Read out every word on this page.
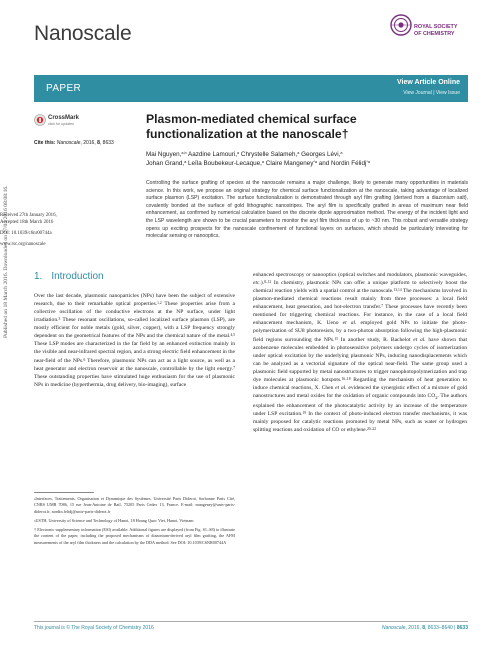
Published on 18 March 2016. Downloaded on 27/04/2016 08:08:16.
Nanoscale	ROYAL SOCIETY
OF CHEMISTRY
PAPER
View Article Online
View Journal | View Issue
CrossMark
click for updates
Cite this: Nanoscale, 2016, 8, 8633
Received 27th January 2016,
Accepted 18th March 2016
DOI: 10.1039/c6nr00744a
www.rsc.org/nanoscale
Plasmon-mediated chemical surface functionalization at the nanoscale†
Mai Nguyen,$^{a,b}$ Aazdine Lamouri,$^a$ Chrystelle Salameh,$^a$ Georges Lévi,$^a$
Johan Grand,$^a$ Leïla Boubekeur-Lecaque,$^a$ Claire Mangeney$^{*a}$ and Nordin Félidj$^{*a}$
Controlling the surface grafting of species at the nanoscale remains a major challenge, likely to generate many opportunities in materials science. In this work, we propose an original strategy for chemical surface functionalization at the nanoscale, taking advantage of localized surface plasmon (LSP) excitation. The surface functionalization is demonstrated through aryl film grafting (derived from a diazonium salt), covalently bonded at the surface of gold lithographic nanostripes. The aryl film is specifically grafted in areas of maximum near field enhancement, as confirmed by numerical calculation based on the discrete dipole approximation method. The energy of the incident light and the LSP wavelength are shown to be crucial parameters to monitor the aryl film thickness of up to ~30 nm. This robust and versatile strategy opens up exciting prospects for the nanoscale confinement of functional layers on surfaces, which should be particularly interesting for molecular sensing or nanooptics.
1. Introduction
Over the last decade, plasmonic nanoparticles (NPs) have been the subject of extensive research, due to their remarkable optical properties.$^{1,2}$ These properties arise from a collective oscillation of the conductive electrons at the NP surface, under light irradiation.$^3$ These resonant oscillations, so-called localized surface plasmon (LSP), are mostly efficient for noble metals (gold, silver, copper), with a LSP frequency strongly dependent on the geometrical features of the NPs and the chemical nature of the metal.$^{4,5}$ These LSP modes are characterized in the far field by an enhanced extinction mainly in the visible and near-infrared spectral region, and a strong electric field enhancement in the near-field of the NPs.$^6$ Therefore, plasmonic NPs can act as a light source, as well as a heat generator and electron reservoir at the nanoscale, controllable by the light energy.$^7$ These outstanding properties have stimulated huge enthusiasm for the use of plasmonic NPs in medicine (hyperthermia, drug delivery, bio-imaging), surface

$^a$Interfaces, Traitements, Organisation et Dynamique des Systèmes, Université Paris Diderot, Sorbonne Paris Cité, CNRS UMR 7086, 15 rue Jean-Antoine de Baïf, 75205 Paris Cedex 13, France. E-mail: mangeney@univ-paris-diderot.fr, nordin.felidj@univ-paris-diderot.fr

$^b$USTH, University of Science and Technology of Hanoi, 18 Hoang Quoc Viet, Hanoi, Vietnam

† Electronic supplementary information (ESI) available: Additional figures are displayed (from Fig. S1–S8) to illustrate the content of the paper, including the proposed mechanisms of diazonium-derived aryl film grafting, the AFM measurements of the aryl film thickness and the calculation by the DDA method. See DOI: 10.1039/C6NR00744A

enhanced spectroscopy or nanooptics (optical switches and modulators, plasmonic waveguides, etc.).$^{8-12}$ In chemistry, plasmonic NPs can offer a unique platform to selectively boost the chemical reaction yields with a spatial control at the nanoscale.$^{13,14}$ The mechanisms involved in plasmon-mediated chemical reactions result mainly from three processes: a local field enhancement, heat generation, and hot-electron transfer.$^7$ These processes have recently been mentioned for triggering chemical reactions. For instance, in the case of a local field enhancement mechanism, K. Ueno et al. employed gold NPs to initiate the photo-polymerization of SU8 photoresists, by a two-photon absorption following the high-plasmonic field regions surrounding the NPs.$^{15}$ In another study, R. Bachelot et al. have shown that azobenzene molecules embedded in photosensitive polymers undergo cycles of isomerization under optical excitation by the underlying plasmonic NPs, inducing nanodisplacements which can be analyzed as a vectorial signature of the optical near-field. The same group used a plasmonic field supported by metal nanostructures to trigger nanophotopolymerization and trap dye molecules at plasmonic hotspots.$^{16-18}$ Regarding the mechanism of heat generation to induce chemical reactions, X. Chen et al. evidenced the synergistic effect of a mixture of gold nanostructures and metal oxides for the oxidation of organic compounds into $CO_2$. The authors explained the enhancement of the photocatalytic activity by an increase of the temperature under LSP excitation.$^{19}$ In the context of photo-induced electron transfer mechanisms, it was mainly proposed for catalytic reactions promoted by metal NPs, such as water or hydrogen splitting reactions and oxidation of CO or ethylene.$^{20-22}$
This journal is © The Royal Society of Chemistry 2016	Nanoscale, 2016, 8, 8633–8640 | 8633
